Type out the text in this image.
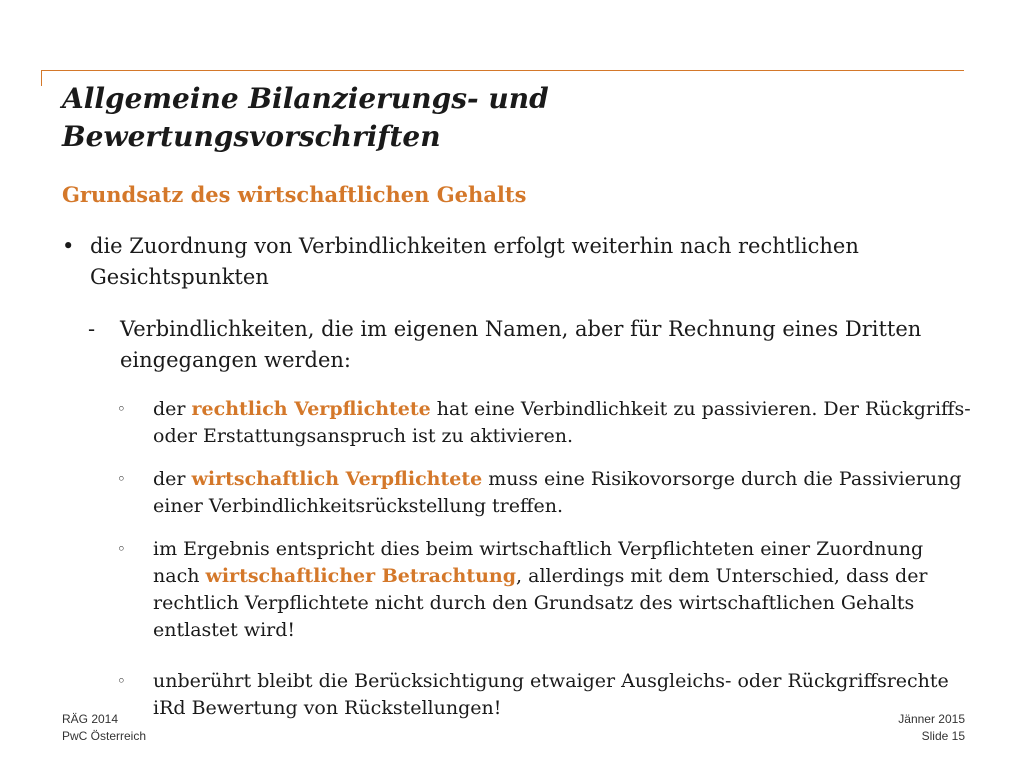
Allgemeine Bilanzierungs- und
Bewertungsvorschriften
Grundsatz des wirtschaftlichen Gehalts

• die Zuordnung von Verbindlichkeiten erfolgt weiterhin nach rechtlichen Gesichtspunkten

- Verbindlichkeiten, die im eigenen Namen, aber für Rechnung eines Dritten eingegangen werden:

◦ der rechtlich Verpflichtete hat eine Verbindlichkeit zu passivieren. Der Rückgriffs- oder Erstattungsanspruch ist zu aktivieren.

◦ der wirtschaftlich Verpflichtete muss eine Risikovorsorge durch die Passivierung einer Verbindlichkeitsrückstellung treffen.

◦ im Ergebnis entspricht dies beim wirtschaftlich Verpflichteten einer Zuordnung nach wirtschaftlicher Betrachtung, allerdings mit dem Unterschied, dass der rechtlich Verpflichtete nicht durch den Grundsatz des wirtschaftlichen Gehalts entlastet wird!

◦ unberührt bleibt die Berücksichtigung etwaiger Ausgleichs- oder Rückgriffsrechte iRd Bewertung von Rückstellungen!

RÄG 2014
PwC Österreich
Jänner 2015
Slide 15
